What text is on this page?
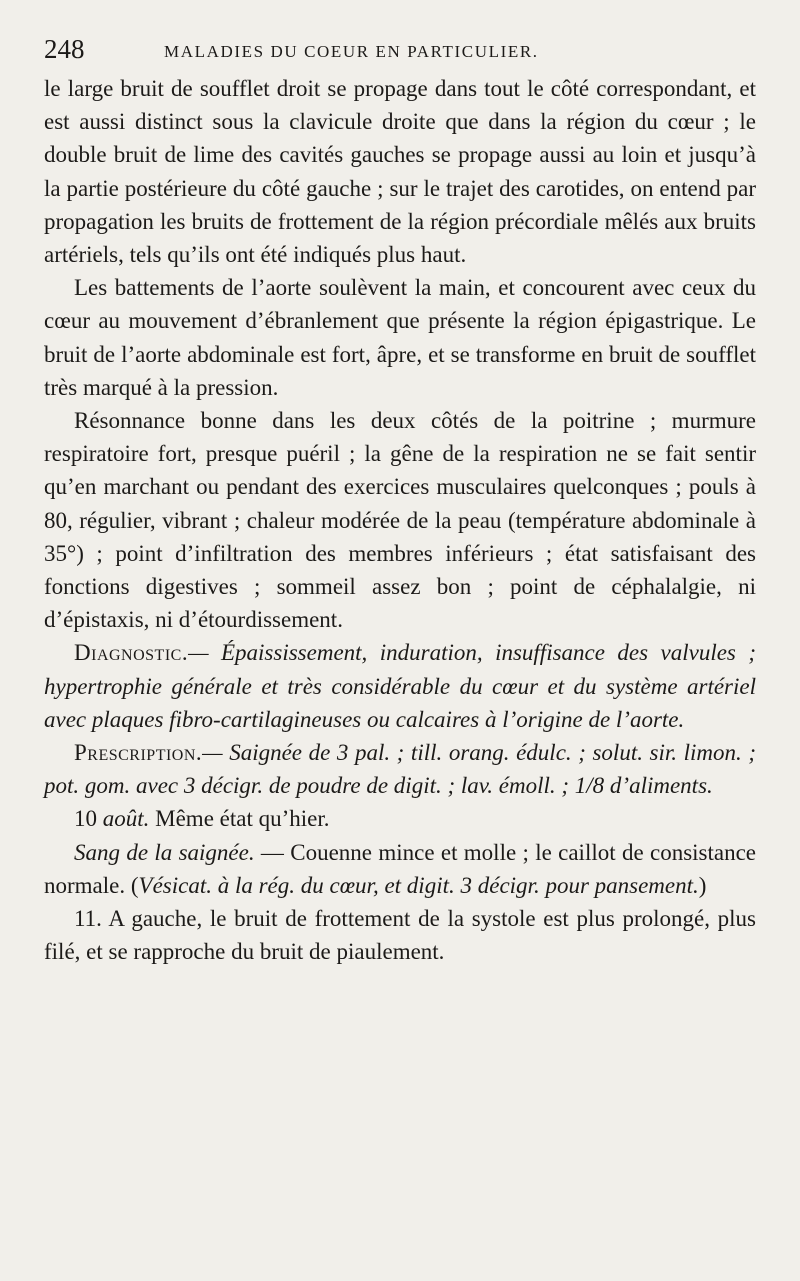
248	MALADIES DU COEUR EN PARTICULIER.

le large bruit de soufflet droit se propage dans tout le côté correspondant, et est aussi distinct sous la clavicule droite que dans la région du cœur ; le double bruit de lime des cavités gauches se propage aussi au loin et jusqu’à la partie postérieure du côté gauche ; sur le trajet des carotides, on entend par propagation les bruits de frottement de la région précordiale mêlés aux bruits artériels, tels qu’ils ont été indiqués plus haut.

Les battements de l’aorte soulèvent la main, et concourent avec ceux du cœur au mouvement d’ébranlement que présente la région épigastrique. Le bruit de l’aorte abdominale est fort, âpre, et se transforme en bruit de soufflet très marqué à la pression.

Résonnance bonne dans les deux côtés de la poitrine ; murmure respiratoire fort, presque puéril ; la gêne de la respiration ne se fait sentir qu’en marchant ou pendant des exercices musculaires quelconques ; pouls à 80, régulier, vibrant ; chaleur modérée de la peau (température abdominale à 35°) ; point d’infiltration des membres inférieurs ; état satisfaisant des fonctions digestives ; sommeil assez bon ; point de céphalalgie, ni d’épistaxis, ni d’étourdissement.

Diagnostic.— Épaississement, induration, insuffisance des valvules ; hypertrophie générale et très considérable du cœur et du système artériel avec plaques fibro-cartilagineuses ou calcaires à l’origine de l’aorte.

Prescription.— Saignée de 3 pal. ; till. orang. édulc. ; solut. sir. limon. ; pot. gom. avec 3 décigr. de poudre de digit. ; lav. émoll. ; 1/8 d’aliments.

10 août. Même état qu’hier.

Sang de la saignée. — Couenne mince et molle ; le caillot de consistance normale. (Vésicat. à la rég. du cœur, et digit. 3 décigr. pour pansement.)

11. A gauche, le bruit de frottement de la systole est plus prolongé, plus filé, et se rapproche du bruit de piaulement.
